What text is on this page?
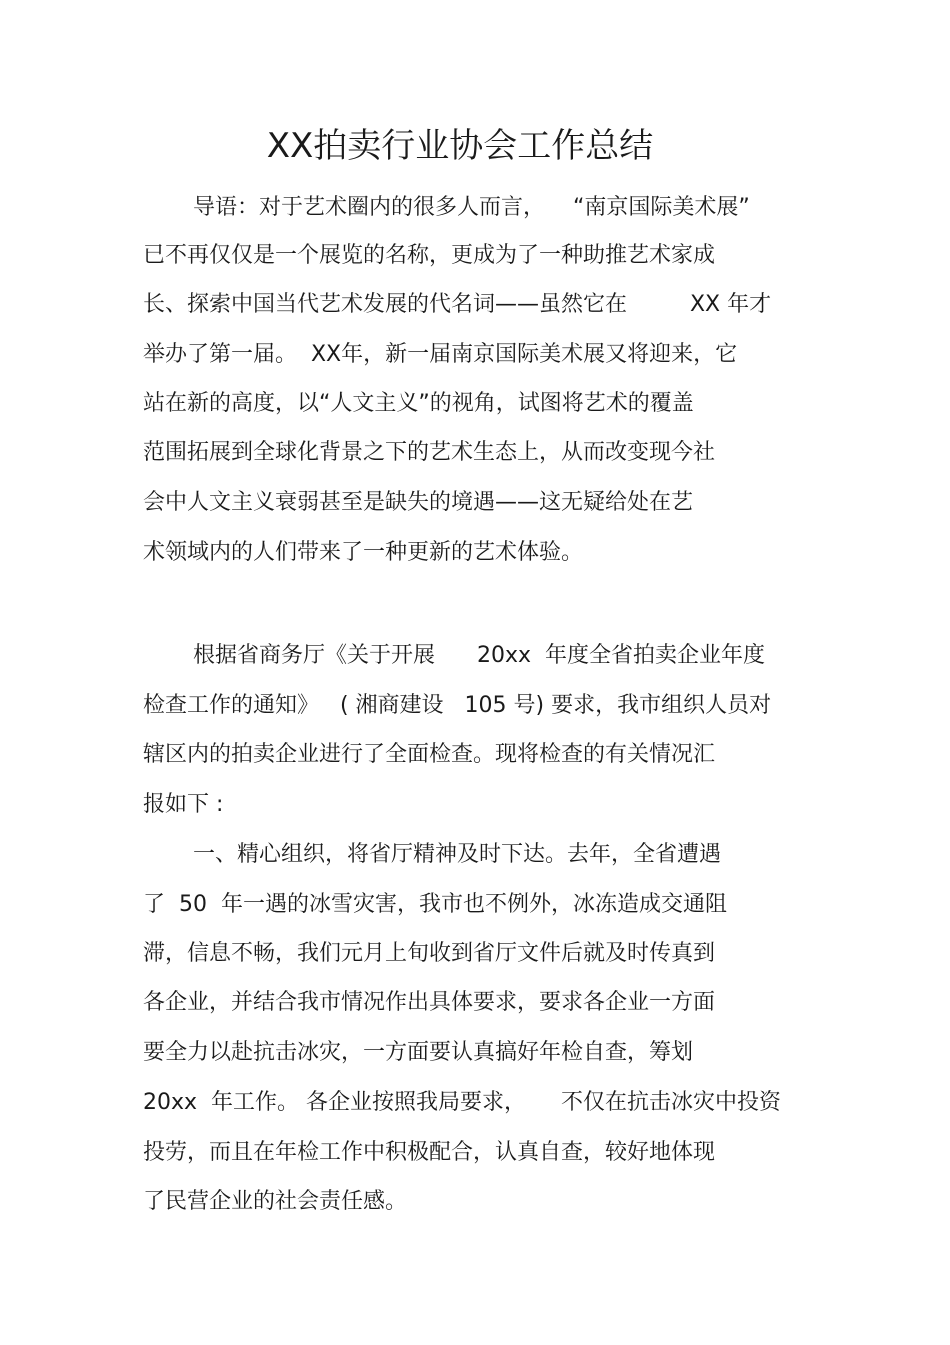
XX拍卖行业协会工作总结
导语：对于艺术圈内的很多人而言，    “南京国际美术展”
已不再仅仅是一个展览的名称，更成为了一种助推艺术家成
长、探索中国当代艺术发展的代名词——虽然它在         XX 年才
举办了第一届。  XX年，新一届南京国际美术展又将迎来，它
站在新的高度，以“人文主义”的视角，试图将艺术的覆盖
范围拓展到全球化背景之下的艺术生态上，从而改变现今社
会中人文主义衰弱甚至是缺失的境遇——这无疑给处在艺
术领域内的人们带来了一种更新的艺术体验。
根据省商务厅《关于开展      20xx  年度全省拍卖企业年度
检查工作的通知》   ( 湘商建设   105 号) 要求，我市组织人员对
辖区内的拍卖企业进行了全面检查。现将检查的有关情况汇
报如下 :
一、精心组织，将省厅精神及时下达。去年，全省遭遇
了  50  年一遇的冰雪灾害，我市也不例外，冰冻造成交通阻
滞，信息不畅，我们元月上旬收到省厅文件后就及时传真到
各企业，并结合我市情况作出具体要求，要求各企业一方面
要全力以赴抗击冰灾，一方面要认真搞好年检自查，筹划
20xx  年工作。 各企业按照我局要求，     不仅在抗击冰灾中投资
投劳，而且在年检工作中积极配合，认真自查，较好地体现
了民营企业的社会责任感。
